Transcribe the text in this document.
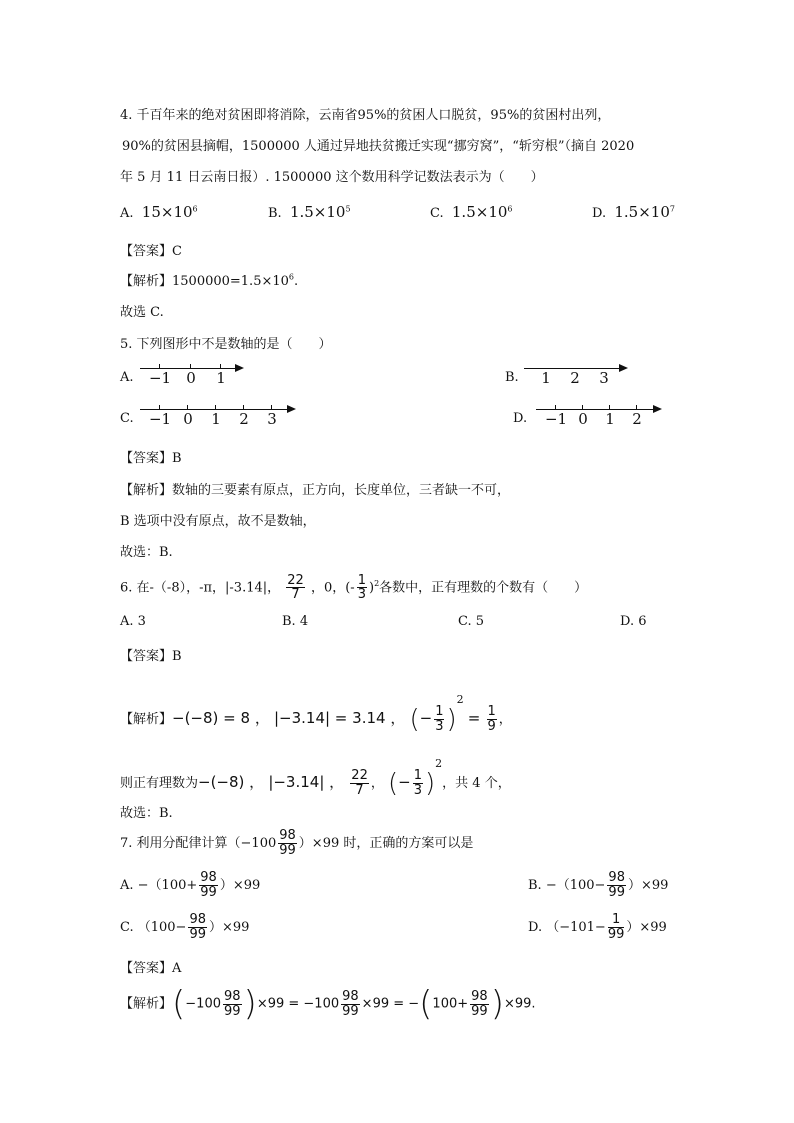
4. 千百年来的绝对贫困即将消除，云南省95%的贫困人口脱贫，95%的贫困村出列，
90%的贫困县摘帽，1500000 人通过异地扶贫搬迁实现“挪穷窝”，“斩穷根”（摘自 2020
年 5 月 11 日云南日报）. 1500000 这个数用科学记数法表示为（　　）
A. $15\times 10^6$	B. $1.5\times 10^5$	C. $1.5\times 10^6$	D. $1.5\times 10^7$
【答案】C
【解析】$1500000=1.5\times 10^6$.
故选 C.
5. 下列图形中不是数轴的是（　　）
A. −1 0 1	B. 1 2 3
C. −1 0 1 2 3	D. −1 0 1 2
【答案】B
【解析】数轴的三要素有原点，正方向，长度单位，三者缺一不可，
B 选项中没有原点，故不是数轴，
故选：B.
6. 在-（-8），-π，|-3.14|， $\frac{22}{7}$ ，0，(- $\frac{1}{3} )^2$各数中，正有理数的个数有（　　）
A. 3	B. 4	C. 5	D. 6
【答案】B
【解析】−(−8) = 8 ， |−3.14| = 3.14 ， (− $\frac{1}{3} )^2 = \frac{1}{9}$ ，
则正有理数为−(−8) ， |−3.14| ， $\frac{22}{7}$ ， (− $\frac{1}{3} )^2$，共 4 个，
故选：B.
7. 利用分配律计算$(-100 \frac{98}{99} )\times 99$ 时，正确的方案可以是
A. $-(100+ \frac{98}{99} )\times 99$	B. $-(100- \frac{98}{99} )\times 99$
C. $(100- \frac{98}{99} )\times 99$	D. $(-101- \frac{1}{99} )\times 99$
【答案】A
【解析】$(-100 \frac{98}{99} )\times 99 = -100 \frac{98}{99} \times 99 = -(100+ \frac{98}{99} )\times 99$.
